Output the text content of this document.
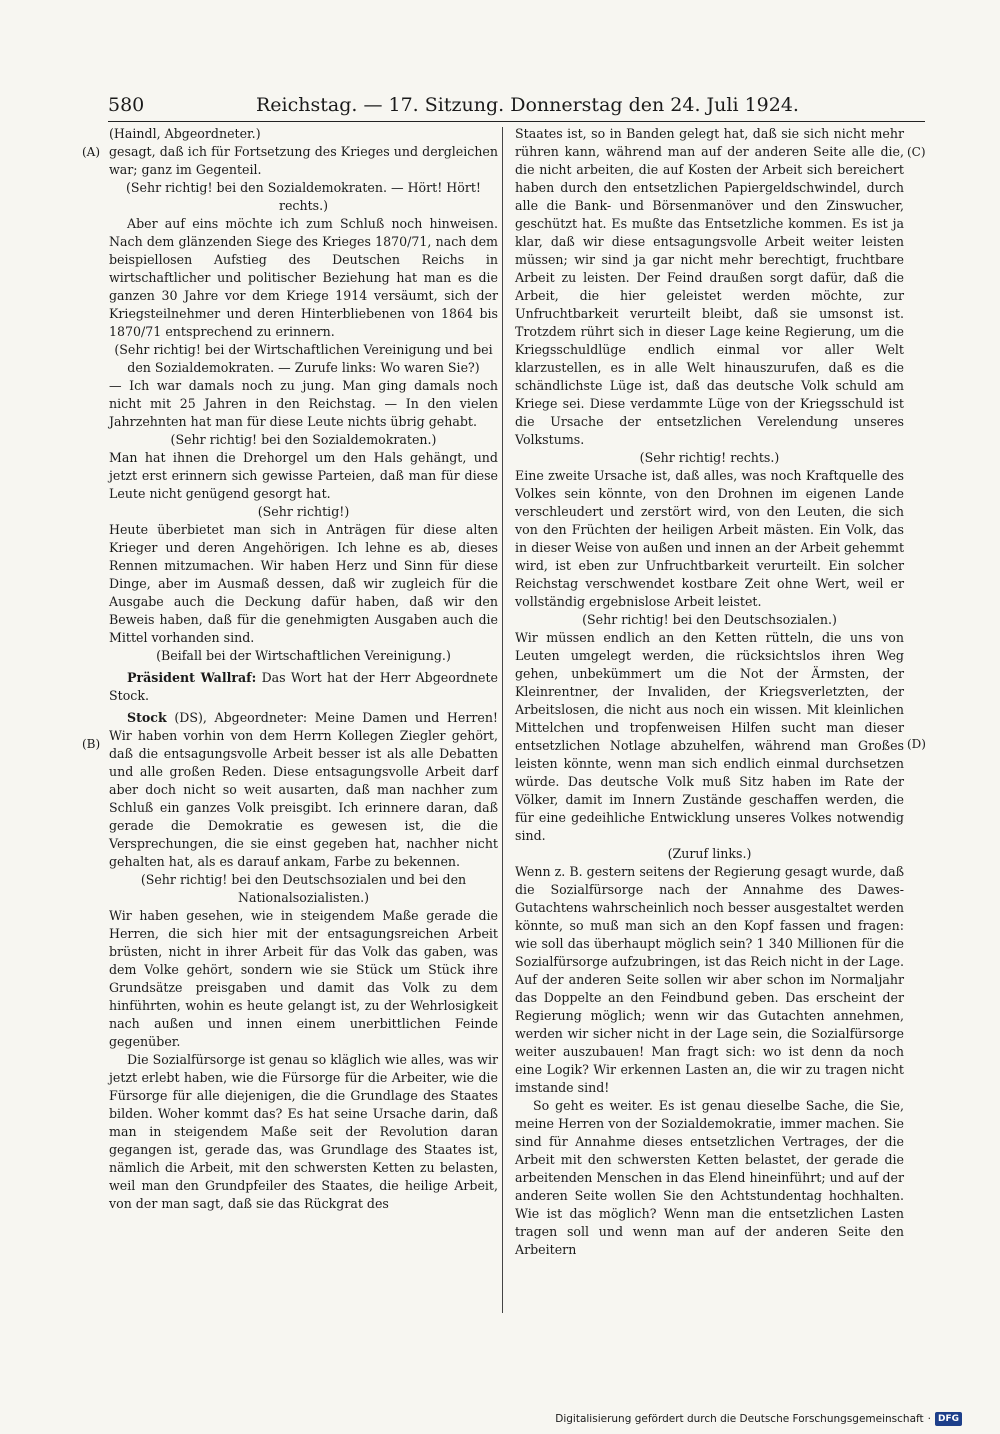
580	Reichstag. — 17. Sitzung. Donnerstag den 24. Juli 1924.
(A)
(B)
(C)
(D)

(Haindl, Abgeordneter.)

gesagt, daß ich für Fortsetzung des Krieges und dergleichen war; ganz im Gegenteil.

(Sehr richtig! bei den Sozialdemokraten. — Hört! Hört! rechts.)

Aber auf eins möchte ich zum Schluß noch hinweisen. Nach dem glänzenden Siege des Krieges 1870/71, nach dem beispiellosen Aufstieg des Deutschen Reichs in wirtschaftlicher und politischer Beziehung hat man es die ganzen 30 Jahre vor dem Kriege 1914 versäumt, sich der Kriegsteilnehmer und deren Hinterbliebenen von 1864 bis 1870/71 entsprechend zu erinnern.

(Sehr richtig! bei der Wirtschaftlichen Vereinigung und bei den Sozialdemokraten. — Zurufe links: Wo waren Sie?)

— Ich war damals noch zu jung. Man ging damals noch nicht mit 25 Jahren in den Reichstag. — In den vielen Jahrzehnten hat man für diese Leute nichts übrig gehabt.

(Sehr richtig! bei den Sozialdemokraten.)

Man hat ihnen die Drehorgel um den Hals gehängt, und jetzt erst erinnern sich gewisse Parteien, daß man für diese Leute nicht genügend gesorgt hat.

(Sehr richtig!)

Heute überbietet man sich in Anträgen für diese alten Krieger und deren Angehörigen. Ich lehne es ab, dieses Rennen mitzumachen. Wir haben Herz und Sinn für diese Dinge, aber im Ausmaß dessen, daß wir zugleich für die Ausgabe auch die Deckung dafür haben, daß wir den Beweis haben, daß für die genehmigten Ausgaben auch die Mittel vorhanden sind.

(Beifall bei der Wirtschaftlichen Vereinigung.)

Präsident Wallraf: Das Wort hat der Herr Abgeordnete Stock.

Stock (DS), Abgeordneter: Meine Damen und Herren! Wir haben vorhin von dem Herrn Kollegen Ziegler gehört, daß die entsagungsvolle Arbeit besser ist als alle Debatten und alle großen Reden. Diese entsagungsvolle Arbeit darf aber doch nicht so weit ausarten, daß man nachher zum Schluß ein ganzes Volk preisgibt. Ich erinnere daran, daß gerade die Demokratie es gewesen ist, die die Versprechungen, die sie einst gegeben hat, nachher nicht gehalten hat, als es darauf ankam, Farbe zu bekennen.

(Sehr richtig! bei den Deutschsozialen und bei den Nationalsozialisten.)

Wir haben gesehen, wie in steigendem Maße gerade die Herren, die sich hier mit der entsagungsreichen Arbeit brüsten, nicht in ihrer Arbeit für das Volk das gaben, was dem Volke gehört, sondern wie sie Stück um Stück ihre Grundsätze preisgaben und damit das Volk zu dem hinführten, wohin es heute gelangt ist, zu der Wehrlosigkeit nach außen und innen einem unerbittlichen Feinde gegenüber.

Die Sozialfürsorge ist genau so kläglich wie alles, was wir jetzt erlebt haben, wie die Fürsorge für die Arbeiter, wie die Fürsorge für alle diejenigen, die die Grundlage des Staates bilden. Woher kommt das? Es hat seine Ursache darin, daß man in steigendem Maße seit der Revolution daran gegangen ist, gerade das, was Grundlage des Staates ist, nämlich die Arbeit, mit den schwersten Ketten zu belasten, weil man den Grundpfeiler des Staates, die heilige Arbeit, von der man sagt, daß sie das Rückgrat des

Staates ist, so in Banden gelegt hat, daß sie sich nicht mehr rühren kann, während man auf der anderen Seite alle die, die nicht arbeiten, die auf Kosten der Arbeit sich bereichert haben durch den entsetzlichen Papiergeldschwindel, durch alle die Bank- und Börsenmanöver und den Zinswucher, geschützt hat. Es mußte das Entsetzliche kommen. Es ist ja klar, daß wir diese entsagungsvolle Arbeit weiter leisten müssen; wir sind ja gar nicht mehr berechtigt, fruchtbare Arbeit zu leisten. Der Feind draußen sorgt dafür, daß die Arbeit, die hier geleistet werden möchte, zur Unfruchtbarkeit verurteilt bleibt, daß sie umsonst ist. Trotzdem rührt sich in dieser Lage keine Regierung, um die Kriegsschuldlüge endlich einmal vor aller Welt klarzustellen, es in alle Welt hinauszurufen, daß es die schändlichste Lüge ist, daß das deutsche Volk schuld am Kriege sei. Diese verdammte Lüge von der Kriegsschuld ist die Ursache der entsetzlichen Verelendung unseres Volkstums.

(Sehr richtig! rechts.)

Eine zweite Ursache ist, daß alles, was noch Kraftquelle des Volkes sein könnte, von den Drohnen im eigenen Lande verschleudert und zerstört wird, von den Leuten, die sich von den Früchten der heiligen Arbeit mästen. Ein Volk, das in dieser Weise von außen und innen an der Arbeit gehemmt wird, ist eben zur Unfruchtbarkeit verurteilt. Ein solcher Reichstag verschwendet kostbare Zeit ohne Wert, weil er vollständig ergebnislose Arbeit leistet.

(Sehr richtig! bei den Deutschsozialen.)

Wir müssen endlich an den Ketten rütteln, die uns von Leuten umgelegt werden, die rücksichtslos ihren Weg gehen, unbekümmert um die Not der Ärmsten, der Kleinrentner, der Invaliden, der Kriegsverletzten, der Arbeitslosen, die nicht aus noch ein wissen. Mit kleinlichen Mittelchen und tropfenweisen Hilfen sucht man dieser entsetzlichen Notlage abzuhelfen, während man Großes leisten könnte, wenn man sich endlich einmal durchsetzen würde. Das deutsche Volk muß Sitz haben im Rate der Völker, damit im Innern Zustände geschaffen werden, die für eine gedeihliche Entwicklung unseres Volkes notwendig sind.

(Zuruf links.)

Wenn z. B. gestern seitens der Regierung gesagt wurde, daß die Sozialfürsorge nach der Annahme des Dawes-Gutachtens wahrscheinlich noch besser ausgestaltet werden könnte, so muß man sich an den Kopf fassen und fragen: wie soll das überhaupt möglich sein? 1 340 Millionen für die Sozialfürsorge aufzubringen, ist das Reich nicht in der Lage. Auf der anderen Seite sollen wir aber schon im Normaljahr das Doppelte an den Feindbund geben. Das erscheint der Regierung möglich; wenn wir das Gutachten annehmen, werden wir sicher nicht in der Lage sein, die Sozialfürsorge weiter auszubauen! Man fragt sich: wo ist denn da noch eine Logik? Wir erkennen Lasten an, die wir zu tragen nicht imstande sind!

So geht es weiter. Es ist genau dieselbe Sache, die Sie, meine Herren von der Sozialdemokratie, immer machen. Sie sind für Annahme dieses entsetzlichen Vertrages, der die Arbeit mit den schwersten Ketten belastet, der gerade die arbeitenden Menschen in das Elend hineinführt; und auf der anderen Seite wollen Sie den Achtstundentag hochhalten. Wie ist das möglich? Wenn man die entsetzlichen Lasten tragen soll und wenn man auf der anderen Seite den Arbeitern

Digitalisierung gefördert durch die Deutsche Forschungsgemeinschaft · DFG
